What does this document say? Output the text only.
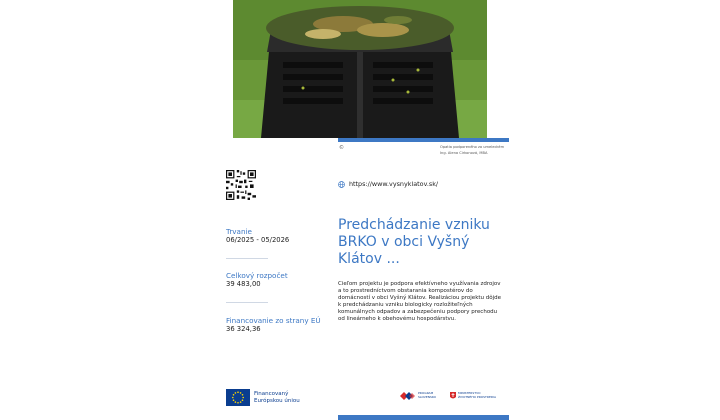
©	Opatia podporeného za umeleckém
Ing. Alena Cirkonová, MBA
Trvanie
06/2025 - 05/2026
Celkový rozpočet
39 483,00
Financovanie zo strany EÚ
36 324,36
https://www.vysnyklatov.sk/
Predchádzanie vzniku BRKO v obci Vyšný Klátov ...
Cieľom projektu je podpora efektívneho využívania zdrojov a to prostredníctvom obstarania kompostérov do domácností v obci Vyšný Klátov. Realizáciou projektu dôjde k predchádzaniu vzniku biologicky rozložiteľných komunálnych odpadov a zabezpečeniu podpory prechodu od lineárneho k obehovému hospodárstvu.
Financovaný
Európskou úniou
PROGRAM
SLOVENSKO
MINISTERSTVO
ŽIVOTNÉHO PROSTREDIA
